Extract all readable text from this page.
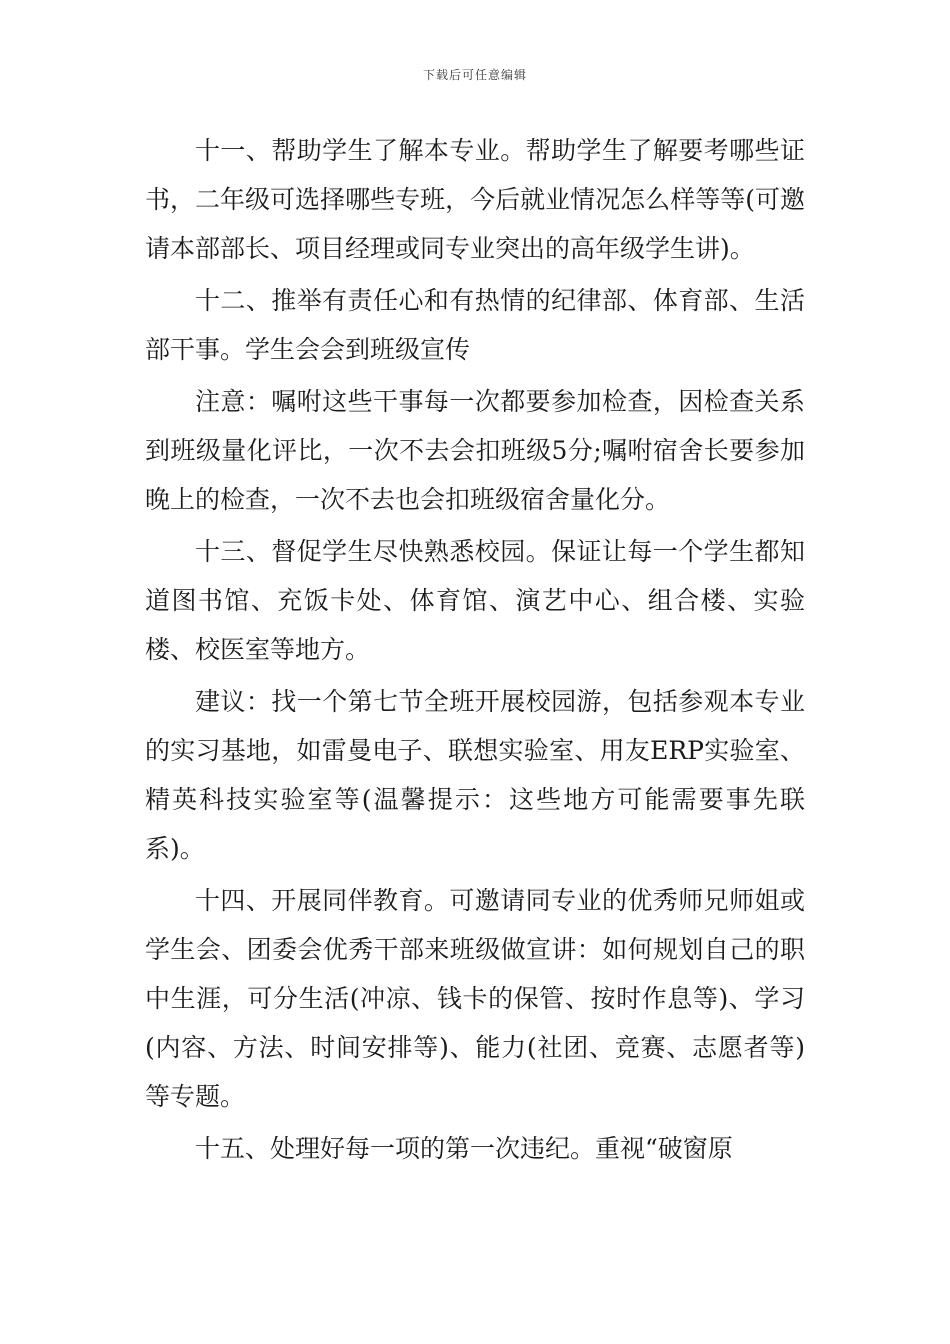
下载后可任意编辑

十一、帮助学生了解本专业。帮助学生了解要考哪些证书，二年级可选择哪些专班，今后就业情况怎么样等等(可邀请本部部长、项目经理或同专业突出的高年级学生讲)。

十二、推举有责任心和有热情的纪律部、体育部、生活部干事。学生会会到班级宣传

注意：嘱咐这些干事每一次都要参加检查，因检查关系到班级量化评比，一次不去会扣班级5分;嘱咐宿舍长要参加晚上的检查，一次不去也会扣班级宿舍量化分。

十三、督促学生尽快熟悉校园。保证让每一个学生都知道图书馆、充饭卡处、体育馆、演艺中心、组合楼、实验楼、校医室等地方。

建议：找一个第七节全班开展校园游，包括参观本专业的实习基地，如雷曼电子、联想实验室、用友ERP实验室、精英科技实验室等(温馨提示：这些地方可能需要事先联系)。

十四、开展同伴教育。可邀请同专业的优秀师兄师姐或学生会、团委会优秀干部来班级做宣讲：如何规划自己的职中生涯，可分生活(冲凉、钱卡的保管、按时作息等)、学习(内容、方法、时间安排等)、能力(社团、竞赛、志愿者等)等专题。

十五、处理好每一项的第一次违纪。重视“破窗原
